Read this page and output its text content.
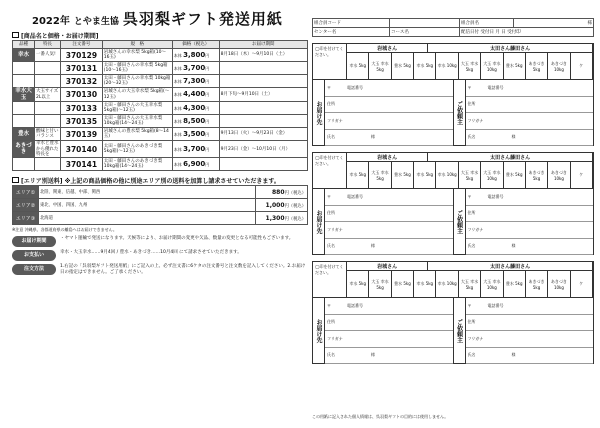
2022年 とやま生協 呉羽梨ギフト発送用紙
[商品名と価格・お届け期間]
品種	特長	注文番号	規　格	価格（税込）	お届け期間
幸水	一番人気!	370129	岩城さんの幸水梨 5kg箱(10〜16玉)	本体 3,800円	8月18日（木）〜9月10日（土）
		370131	太田・藤田さんの幸水梨 5kg箱(10〜16玉)	本体 3,700円	
		370132	太田・藤田さんの幸水梨 10kg箱(20〜32玉)	本体 7,300円	
幸水大玉	大玉サイズ 2L以上	370130	岩城さんの大玉幸水梨 5kg箱(〜12玉)	本体 4,400円	8月下旬〜9月10日（土）
		370133	太田・藤田さんの大玉幸水梨 5kg箱(〜12玉)	本体 4,300円	
		370135	太田・藤田さんの大玉幸水梨 10kg箱(14〜24玉)	本体 8,500円	
豊水	酸味と甘いバランス	370139	岩城さんの豊水梨 5kg箱(8〜14玉)	本体 3,500円	9月13日（火）〜9月23日（金）
あきづき	幸水と豊水から優れた特長を	370140	太田・藤田さんのあきづき梨 5kg箱(〜12玉)	本体 3,700円	9月23日（金）〜10月10日（月）
		370141	太田・藤田さんのあきづき梨 10kg箱(14〜24玉)	本体 6,900円	
[エリア別送料] ※上記の商品価格の他に別途エリア別の送料を加算し請求させていただきます。
エリア①	北陸、関東、信越、中部、関西	880円（税込）
エリア②	東北、中国、四国、九州	1,000円（税込）
エリア③	北海道	1,300円（税込）
※注意 沖縄県、各都道府県の離島へはお届けできません。
お届け期間	・ヤマト運輸で発送になります。天候等により、お届け期間の変更や欠品、数量の変更となる可能性もございます。
お支払い	幸水・大玉幸水……9月4回 / 豊水・あきづき……10月4回 にて請求させていただきます。
注文方法	1.右記の「呉羽梨ギフト発送用紙」にご記入の上、必ず注文書に6ケタの注文番号と注文数を記入してください。2.お届け日の指定はできません。ご了承ください。
組合員コード		組合員名	様
センター名	コース名	配信日付 受付日 月 日 受付印	
◯印を付けてください。
岩城さん	太田さん藤田さん
幸水 5kg	大玉 幸水 5kg
豊水 5kg	幸水 5kg	幸水 10kg	大玉 幸水 5kg
大玉 幸水 10kg
豊水 5kg	あきづき 5kg
あきづき 10kg
ケ
お届け先
〒　　　　電話番号
住所
フリガナ
氏名　　　　　　　　　様
ご依頼主
〒　　　　電話番号
住所
フリガナ
氏名　　　　　　　　　様
◯印を付けてください。
岩城さん	太田さん藤田さん
幸水 5kg	大玉 幸水 5kg
豊水 5kg	幸水 5kg	幸水 10kg	大玉 幸水 5kg
大玉 幸水 10kg
豊水 5kg	あきづき 5kg
あきづき 10kg
ケ
お届け先
〒　　　　電話番号
住所
フリガナ
氏名　　　　　　　　　様
ご依頼主
〒　　　　電話番号
住所
フリガナ
氏名　　　　　　　　　様
◯印を付けてください。
岩城さん	太田さん藤田さん
幸水 5kg	大玉 幸水 5kg
豊水 5kg	幸水 5kg	幸水 10kg	大玉 幸水 5kg
大玉 幸水 10kg
豊水 5kg	あきづき 5kg
あきづき 10kg
ケ
お届け先
〒　　　　電話番号
住所
フリガナ
氏名　　　　　　　　　様
ご依頼主
〒　　　　電話番号
住所
フリガナ
氏名　　　　　　　　　様
この用紙に記入された個人情報は、呉羽梨ギフトの目的には使用しません。
